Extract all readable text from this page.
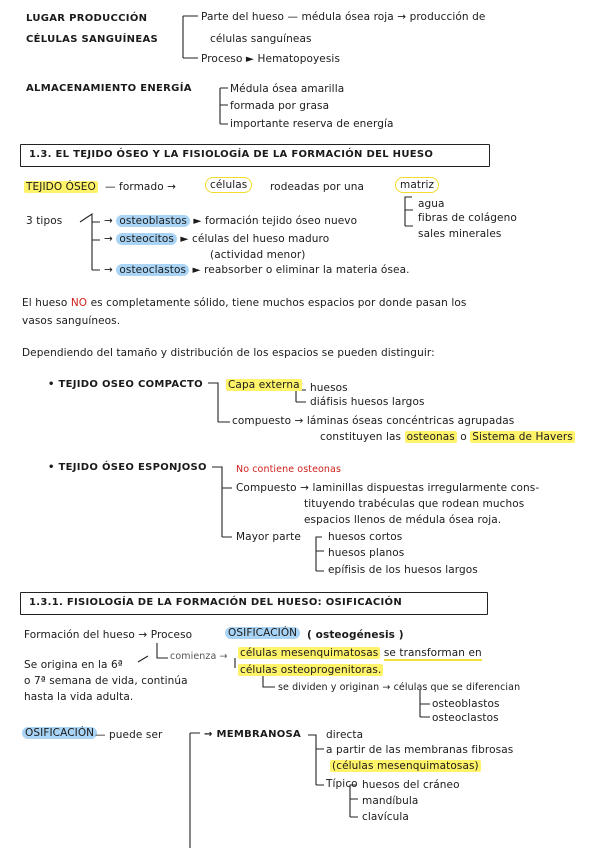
LUGAR PRODUCCIÓN
CÉLULAS SANGUÍNEAS
Parte del hueso — médula ósea roja → producción de
células sanguíneas
Proceso ► Hematopoyesis
ALMACENAMIENTO ENERGÍA	Médula ósea amarilla
formada por grasa
importante reserva de energía
1.3. EL TEJIDO ÓSEO Y LA FISIOLOGÍA DE LA FORMACIÓN DEL HUESO
TEJIDO ÓSEO — formado →	células	rodeadas por una	matriz
agua
fibras de colágeno
sales minerales
3 tipos	→ osteoblastos ► formación tejido óseo nuevo
→ osteocitos ► células del hueso maduro
(actividad menor)
→ osteoclastos ► reabsorber o eliminar la materia ósea.
El hueso NO es completamente sólido, tiene muchos espacios por donde pasan los
vasos sanguíneos.
Dependiendo del tamaño y distribución de los espacios se pueden distinguir:
• TEJIDO OSEO COMPACTO Capa externa huesos
diáfisis huesos largos
compuesto → láminas óseas concéntricas agrupadas
constituyen las osteonas o Sistema de Havers
• TEJIDO ÓSEO ESPONJOSO	No contiene osteonas
Compuesto → laminillas dispuestas irregularmente cons-
tituyendo trabéculas que rodean muchos
espacios llenos de médula ósea roja.
Mayor parte	huesos cortos
huesos planos
epífisis de los huesos largos
1.3.1. FISIOLOGÍA DE LA FORMACIÓN DEL HUESO: OSIFICACIÓN
Formación del hueso → Proceso	OSIFICACIÓN ( osteogénesis )
comienza → células mesenquimatosas se transforman en
células osteoprogenitoras.
se dividen y originan → células que se diferencian
osteoblastos
osteoclastos
Se origina en la 6ª
o 7ª semana de vida, continúa
hasta la vida adulta.
OSIFICACIÓN — puede ser	→ MEMBRANOSA directa
a partir de las membranas fibrosas
(células mesenquimatosas)
Típico huesos del cráneo
mandíbula
clavícula
